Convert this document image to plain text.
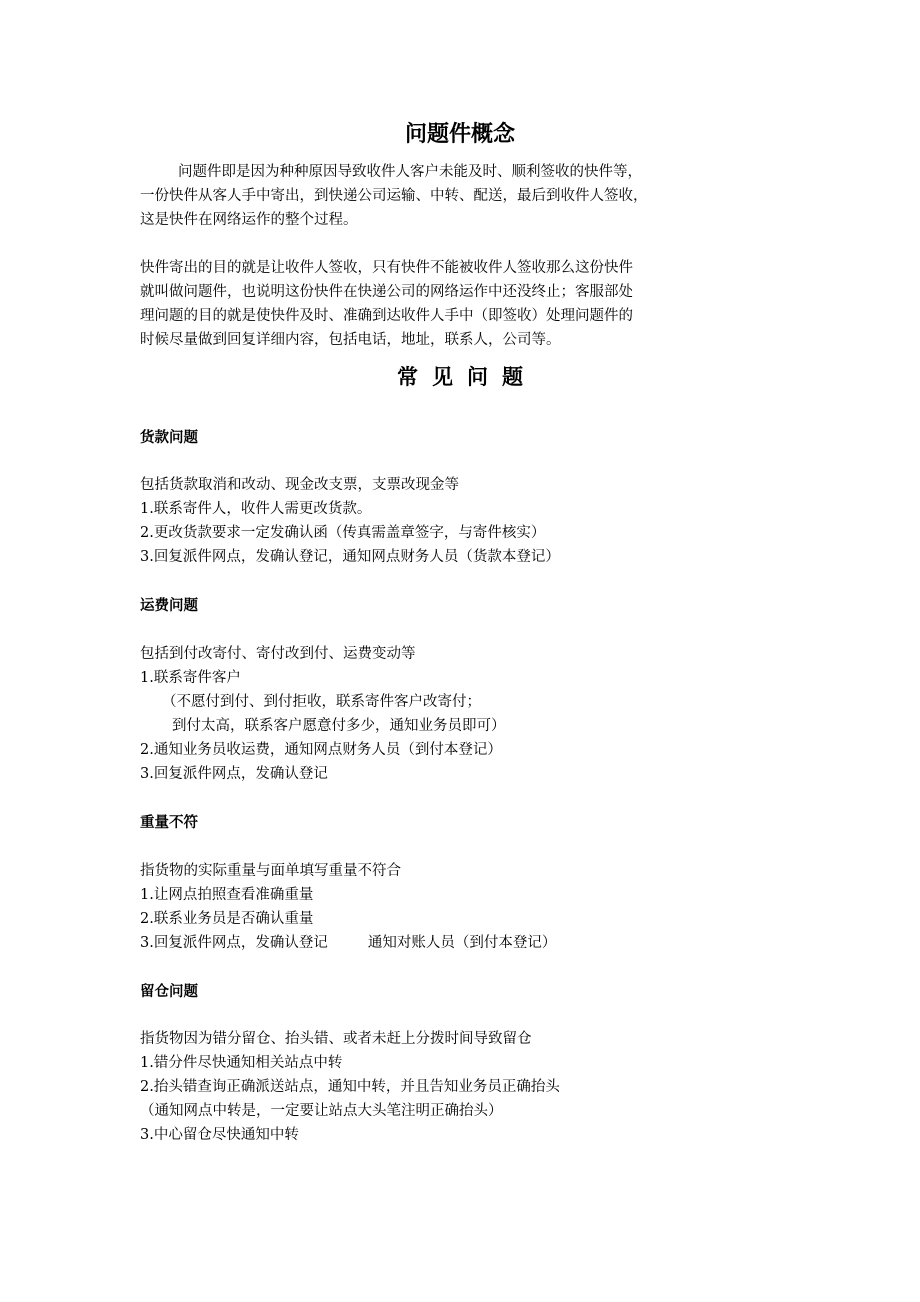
问题件概念
问题件即是因为种种原因导致收件人客户未能及时、顺利签收的快件等，
一份快件从客人手中寄出，到快递公司运输、中转、配送，最后到收件人签收，
这是快件在网络运作的整个过程。
快件寄出的目的就是让收件人签收，只有快件不能被收件人签收那么这份快件
就叫做问题件，也说明这份快件在快递公司的网络运作中还没终止；客服部处
理问题的目的就是使快件及时、准确到达收件人手中（即签收）处理问题件的
时候尽量做到回复详细内容，包括电话，地址，联系人，公司等。
常见问题
货款问题
包括货款取消和改动、现金改支票，支票改现金等
1.联系寄件人，收件人需更改货款。
2.更改货款要求一定发确认函（传真需盖章签字，与寄件核实）
3.回复派件网点，发确认登记，通知网点财务人员（货款本登记）
运费问题
包括到付改寄付、寄付改到付、运费变动等
1.联系寄件客户
（不愿付到付、到付拒收，联系寄件客户改寄付；
到付太高，联系客户愿意付多少，通知业务员即可）
2.通知业务员收运费，通知网点财务人员（到付本登记）
3.回复派件网点，发确认登记
重量不符
指货物的实际重量与面单填写重量不符合
1.让网点拍照查看准确重量
2.联系业务员是否确认重量
3.回复派件网点，发确认登记	通知对账人员（到付本登记）
留仓问题
指货物因为错分留仓、抬头错、或者未赶上分拨时间导致留仓
1.错分件尽快通知相关站点中转
2.抬头错查询正确派送站点，通知中转，并且告知业务员正确抬头
（通知网点中转是，一定要让站点大头笔注明正确抬头）
3.中心留仓尽快通知中转
